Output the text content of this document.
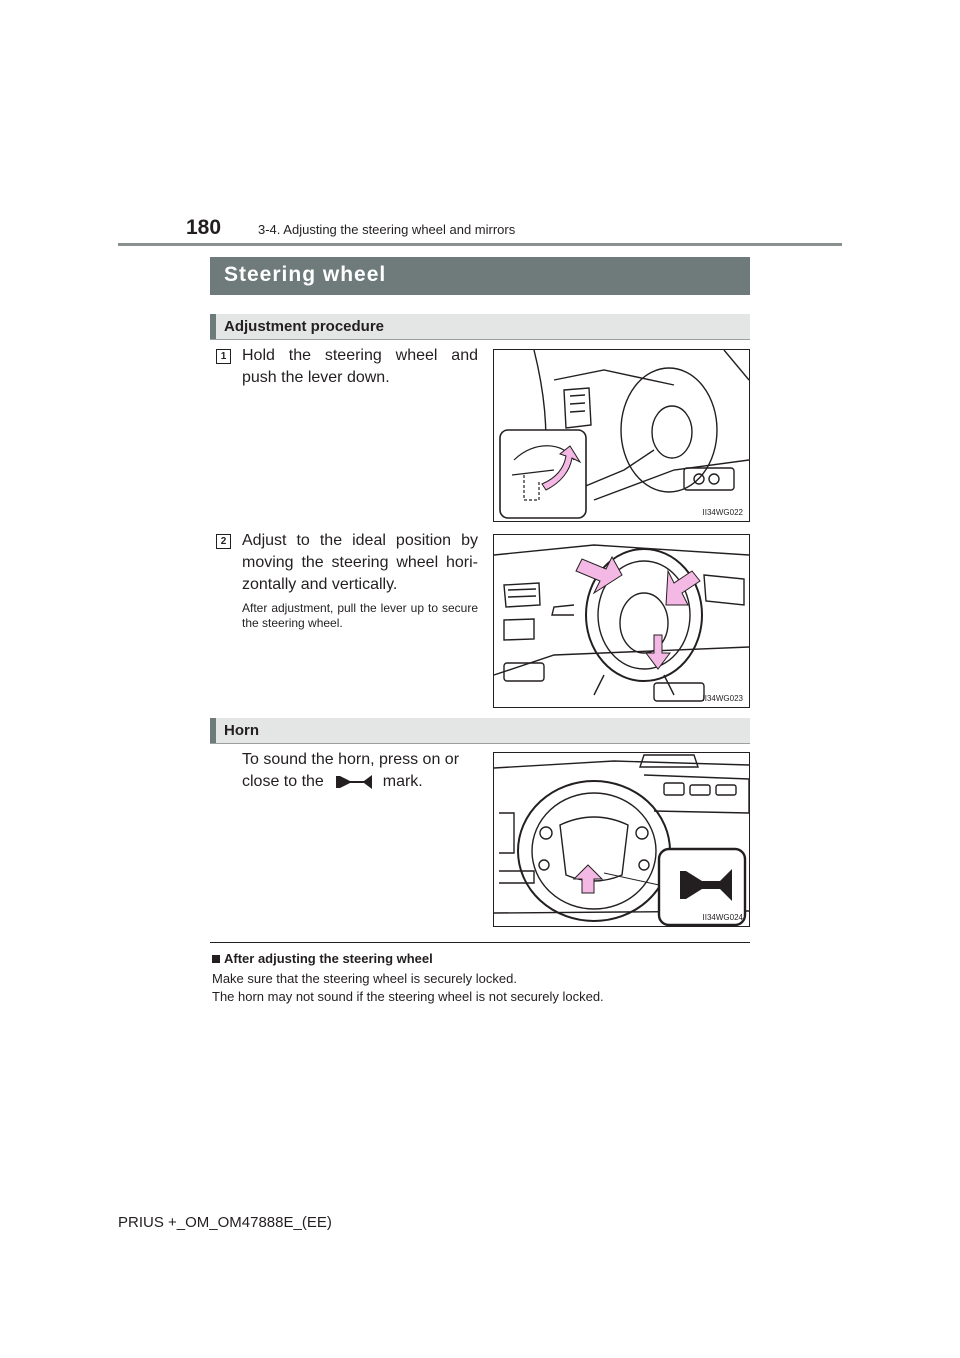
180	3-4. Adjusting the steering wheel and mirrors
Steering wheel
Adjustment procedure
1 Hold the steering wheel and push the lever down.
II34WG022
2 Adjust to the ideal position by moving the steering wheel hori-zontally and vertically.
After adjustment, pull the lever up to secure the steering wheel.
II34WG023
Horn
To sound the horn, press on or close to the	mark.
II34WG024
After adjusting the steering wheel
Make sure that the steering wheel is securely locked.
The horn may not sound if the steering wheel is not securely locked.
PRIUS +_OM_OM47888E_(EE)
